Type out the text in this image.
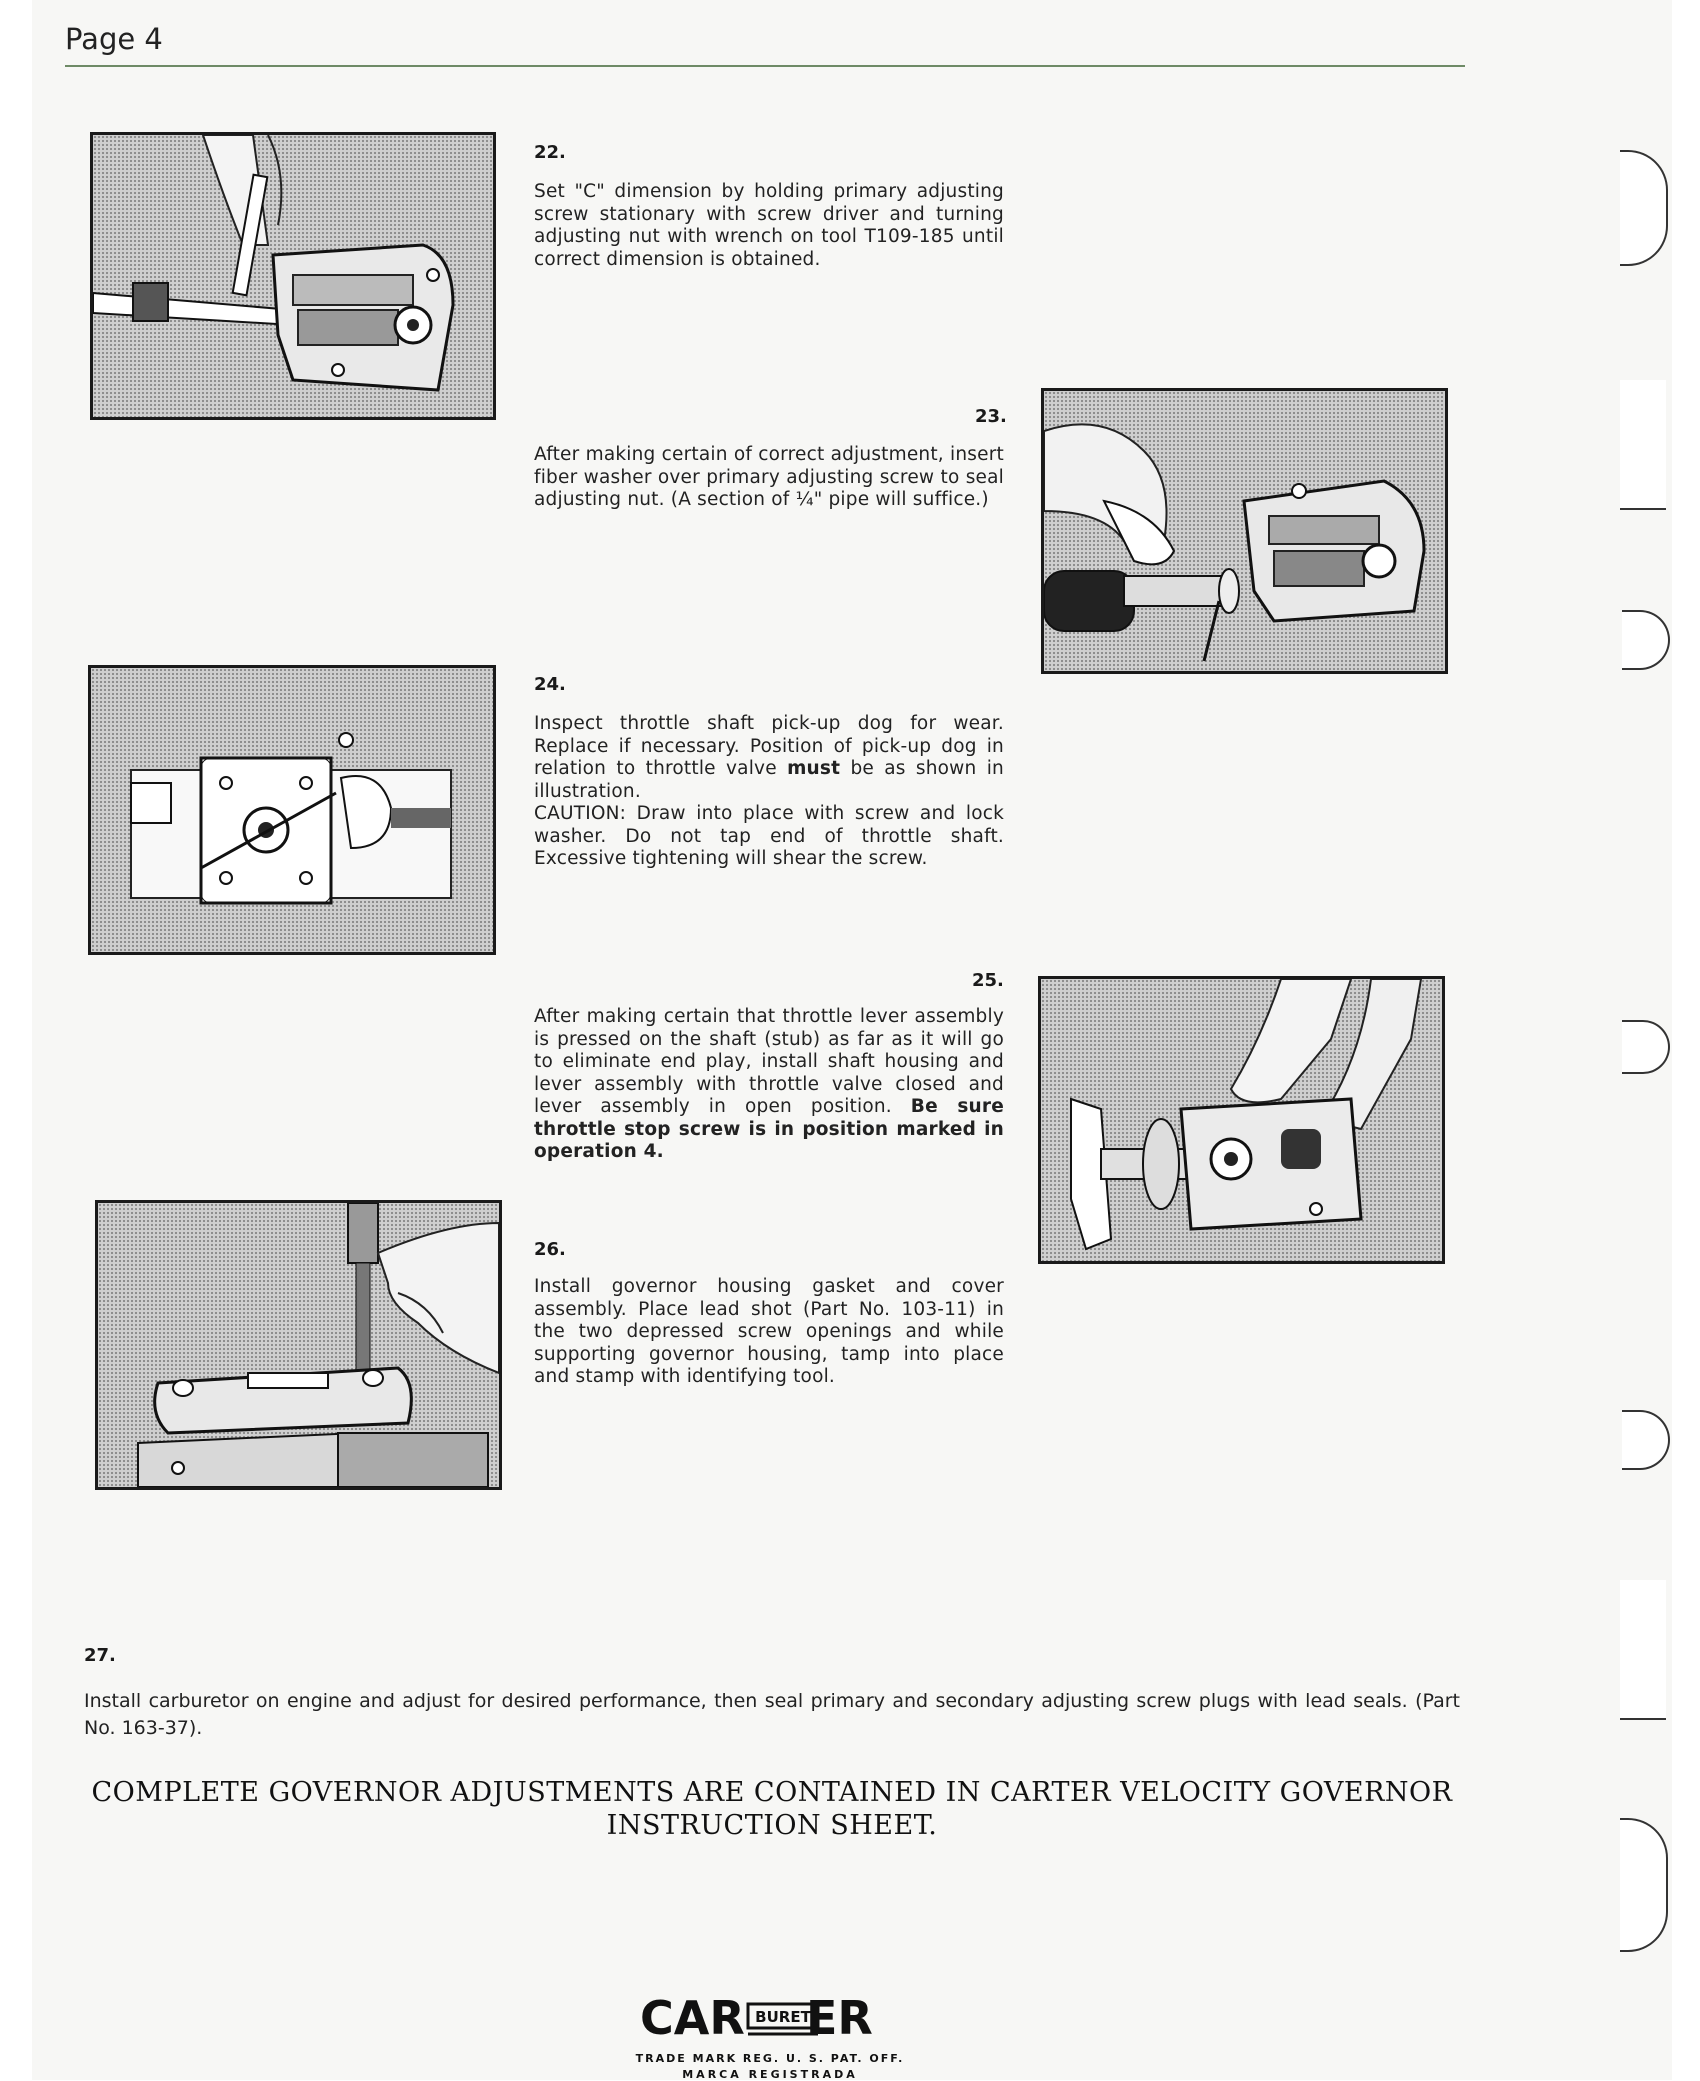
Page 4
22.
Set "C" dimension by holding primary adjusting screw stationary with screw driver and turning adjusting nut with wrench on tool T109-185 until correct dimension is obtained.
23.
After making certain of correct adjustment, insert fiber washer over primary adjusting screw to seal adjusting nut. (A section of ¼" pipe will suffice.)
24.
Inspect throttle shaft pick-up dog for wear. Replace if necessary. Position of pick-up dog in relation to throttle valve must be as shown in illustration.
CAUTION: Draw into place with screw and lock washer. Do not tap end of throttle shaft. Excessive tightening will shear the screw.
25.
After making certain that throttle lever assembly is pressed on the shaft (stub) as far as it will go to eliminate end play, install shaft housing and lever assembly with throttle valve closed and lever assembly in open position. Be sure throttle stop screw is in position marked in operation 4.
26.
Install governor housing gasket and cover assembly. Place lead shot (Part No. 103-11) in the two depressed screw openings and while supporting governor housing, tamp into place and stamp with identifying tool.
27.
Install carburetor on engine and adjust for desired performance, then seal primary and secondary adjusting screw plugs with lead seals. (Part No. 163-37).
COMPLETE GOVERNOR ADJUSTMENTS ARE CONTAINED IN CARTER VELOCITY GOVERNOR
INSTRUCTION SHEET.
CAR BURET
ER
TRADE MARK REG. U. S. PAT. OFF.
MARCA REGISTRADA
